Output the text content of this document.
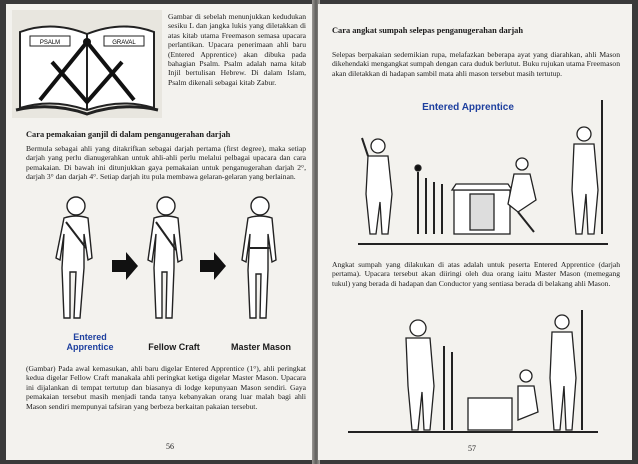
PSALM	GRAVAL
Gambar di sebelah menunjukkan kedudukan sesiku L dan jangka lukis yang diletakkan di atas kitab utama Freemason semasa upacara perlantikan. Upacara penerimaan ahli baru (Entered Apprentice) akan dibuka pada bahagian Psalm. Psalm adalah nama kitab Injil bertulisan Hebrew. Di dalam Islam, Psalm dikenali sebagai kitab Zabur.
Cara pemakaian ganjil di dalam penganugerahan darjah
Bermula sebagai ahli yang ditakrifkan sebagai darjah pertama (first degree), maka setiap darjah yang perlu dianugerahkan untuk ahli-ahli perlu melalui pelbagai upacara dan cara pemakaian. Di bawah ini ditunjukkan gaya pemakaian untuk penganugerahan darjah 2°, darjah 3° dan darjah 4°. Setiap darjah itu pula membawa gelaran-gelaran yang berlainan.
Entered Apprentice	Fellow Craft	Master Mason
(Gambar) Pada awal kemasukan, ahli baru digelar Entered Apprentice (1°), ahli peringkat kedua digelar Fellow Craft manakala ahli peringkat ketiga digelar Master Mason. Upacara ini dijalankan di tempat tertutup dan biasanya di lodge kepunyaan Mason sendiri. Gaya pemakaian tersebut masih menjadi tanda tanya kebanyakan orang luar malah bagi ahli Mason sendiri mempunyai tafsiran yang berbeza berkaitan pakaian tersebut.
56
Cara angkat sumpah selepas penganugerahan darjah
Selepas berpakaian sedemikian rupa, melafazkan beberapa ayat yang diarahkan, ahli Mason dikehendaki mengangkat sumpah dengan cara duduk berlutut. Buku rujukan utama Freemason akan diletakkan di hadapan sambil mata ahli mason tersebut masih tertutup.
Entered Apprentice
Angkat sumpah yang dilakukan di atas adalah untuk peserta Entered Apprentice (darjah pertama). Upacara tersebut akan diiringi oleh dua orang iaitu Master Mason (memegang tukul) yang berada di hadapan dan Conductor yang sentiasa berada di belakang ahli Mason.
57
